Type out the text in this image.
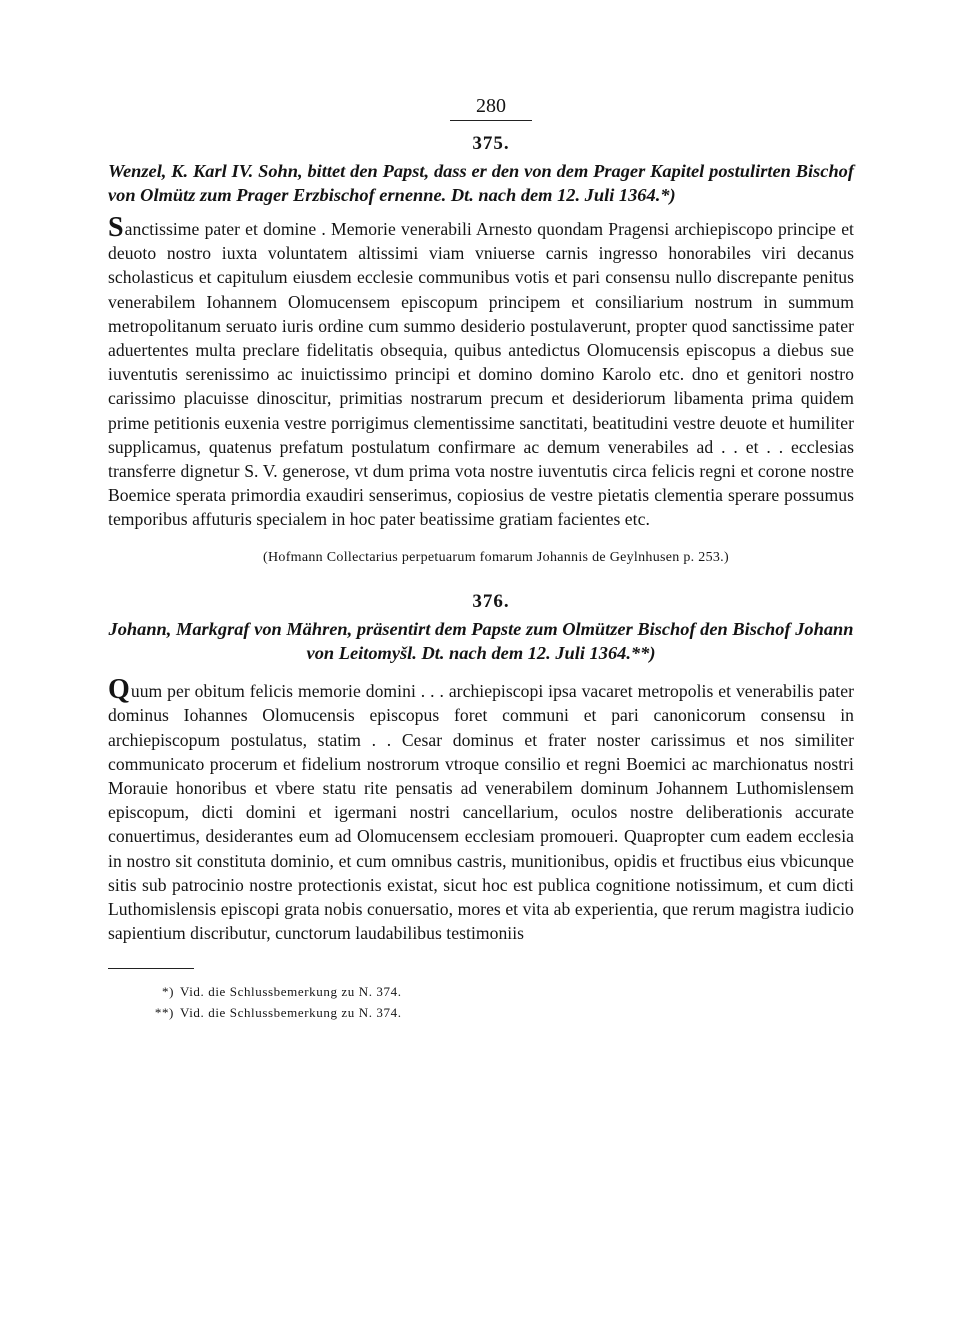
280
375.
Wenzel, K. Karl IV. Sohn, bittet den Papst, dass er den von dem Prager Kapitel postulirten Bischof von Olmütz zum Prager Erzbischof ernenne. Dt. nach dem 12. Juli 1364.*)

Sanctissime pater et domine . Memorie venerabili Arnesto quondam Pragensi archiepiscopo principe et deuoto nostro iuxta voluntatem altissimi viam vniuerse carnis ingresso honorabiles viri decanus scholasticus et capitulum eiusdem ecclesie communibus votis et pari consensu nullo discrepante penitus venerabilem Iohannem Olomucensem episcopum principem et consiliarium nostrum in summum metropolitanum seruato iuris ordine cum summo desiderio postulaverunt, propter quod sanctissime pater aduertentes multa preclare fidelitatis obsequia, quibus antedictus Olomucensis episcopus a diebus sue iuventutis serenissimo ac inuictissimo principi et domino domino Karolo etc. dno et genitori nostro carissimo placuisse dinoscitur, primitias nostrarum precum et desideriorum libamenta prima quidem prime petitionis euxenia vestre porrigimus clementissime sanctitati, beatitudini vestre deuote et humiliter supplicamus, quatenus prefatum postulatum confirmare ac demum venerabiles ad . . et . . ecclesias transferre dignetur S. V. generose, vt dum prima vota nostre iuventutis circa felicis regni et corone nostre Boemice sperata primordia exaudiri senserimus, copiosius de vestre pietatis clementia sperare possumus temporibus affuturis specialem in hoc pater beatissime gratiam facientes etc.

(Hofmann Collectarius perpetuarum fomarum Johannis de Geylnhusen p. 253.)
376.
Johann, Markgraf von Mähren, präsentirt dem Papste zum Olmützer Bischof den Bischof Johann von Leitomyšl. Dt. nach dem 12. Juli 1364.**)

Quum per obitum felicis memorie domini . . . archiepiscopi ipsa vacaret metropolis et venerabilis pater dominus Iohannes Olomucensis episcopus foret communi et pari canonicorum consensu in archiepiscopum postulatus, statim . . Cesar dominus et frater noster carissimus et nos similiter communicato procerum et fidelium nostrorum vtroque consilio et regni Boemici ac marchionatus nostri Morauie honoribus et vbere statu rite pensatis ad venerabilem dominum Johannem Luthomislensem episcopum, dicti domini et igermani nostri cancellarium, oculos nostre deliberationis accurate conuertimus, desiderantes eum ad Olomucensem ecclesiam promoueri. Quapropter cum eadem ecclesia in nostro sit constituta dominio, et cum omnibus castris, munitionibus, opidis et fructibus eius vbicunque sitis sub patrocinio nostre protectionis existat, sicut hoc est publica cognitione notissimum, et cum dicti Luthomislensis episcopi grata nobis conuersatio, mores et vita ab experientia, que rerum magistra iudicio sapientium discributur, cunctorum laudabilibus testimoniis

*) Vid. die Schlussbemerkung zu N. 374.
**) Vid. die Schlussbemerkung zu N. 374.
